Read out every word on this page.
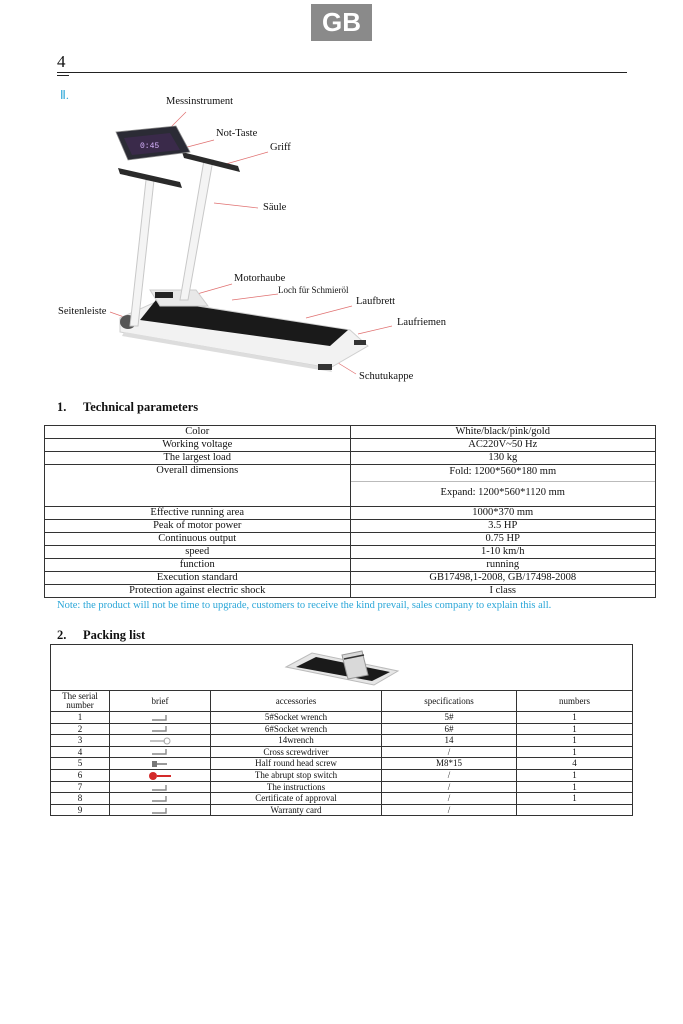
GB
4
Ⅱ.
0:45
Messinstrument
Not-Taste
Griff
Säule
Motorhaube
Loch für Schmieröl
Laufbrett
Seitenleiste
Laufriemen
Schutukappe
1. Technical parameters
Color	White/black/pink/gold
Working voltage	AC220V~50 Hz
The largest load	130 kg
Overall dimensions	Fold: 1200*560*180 mm
Expand: 1200*560*1120 mm

Effective running area	1000*370 mm
Peak of motor power	3.5 HP
Continuous output	0.75 HP
speed	1-10 km/h
function	running
Execution standard	GB17498,1-2008, GB/17498-2008
Protection against electric shock	I class
Note: the product will not be time to upgrade, customers to receive the kind prevail, sales company to explain this all.
2. Packing list

The serial number	brief	accessories	specifications	numbers
1		5#Socket wrench	5#	1
2		6#Socket wrench	6#	1
3		14wrench	14	1
4		Cross screwdriver	/	1
5		Half round head screw	M8*15	4
6		The abrupt stop switch	/	1
7		The instructions	/	1
8		Certificate of approval	/	1
9		Warranty card	/	
